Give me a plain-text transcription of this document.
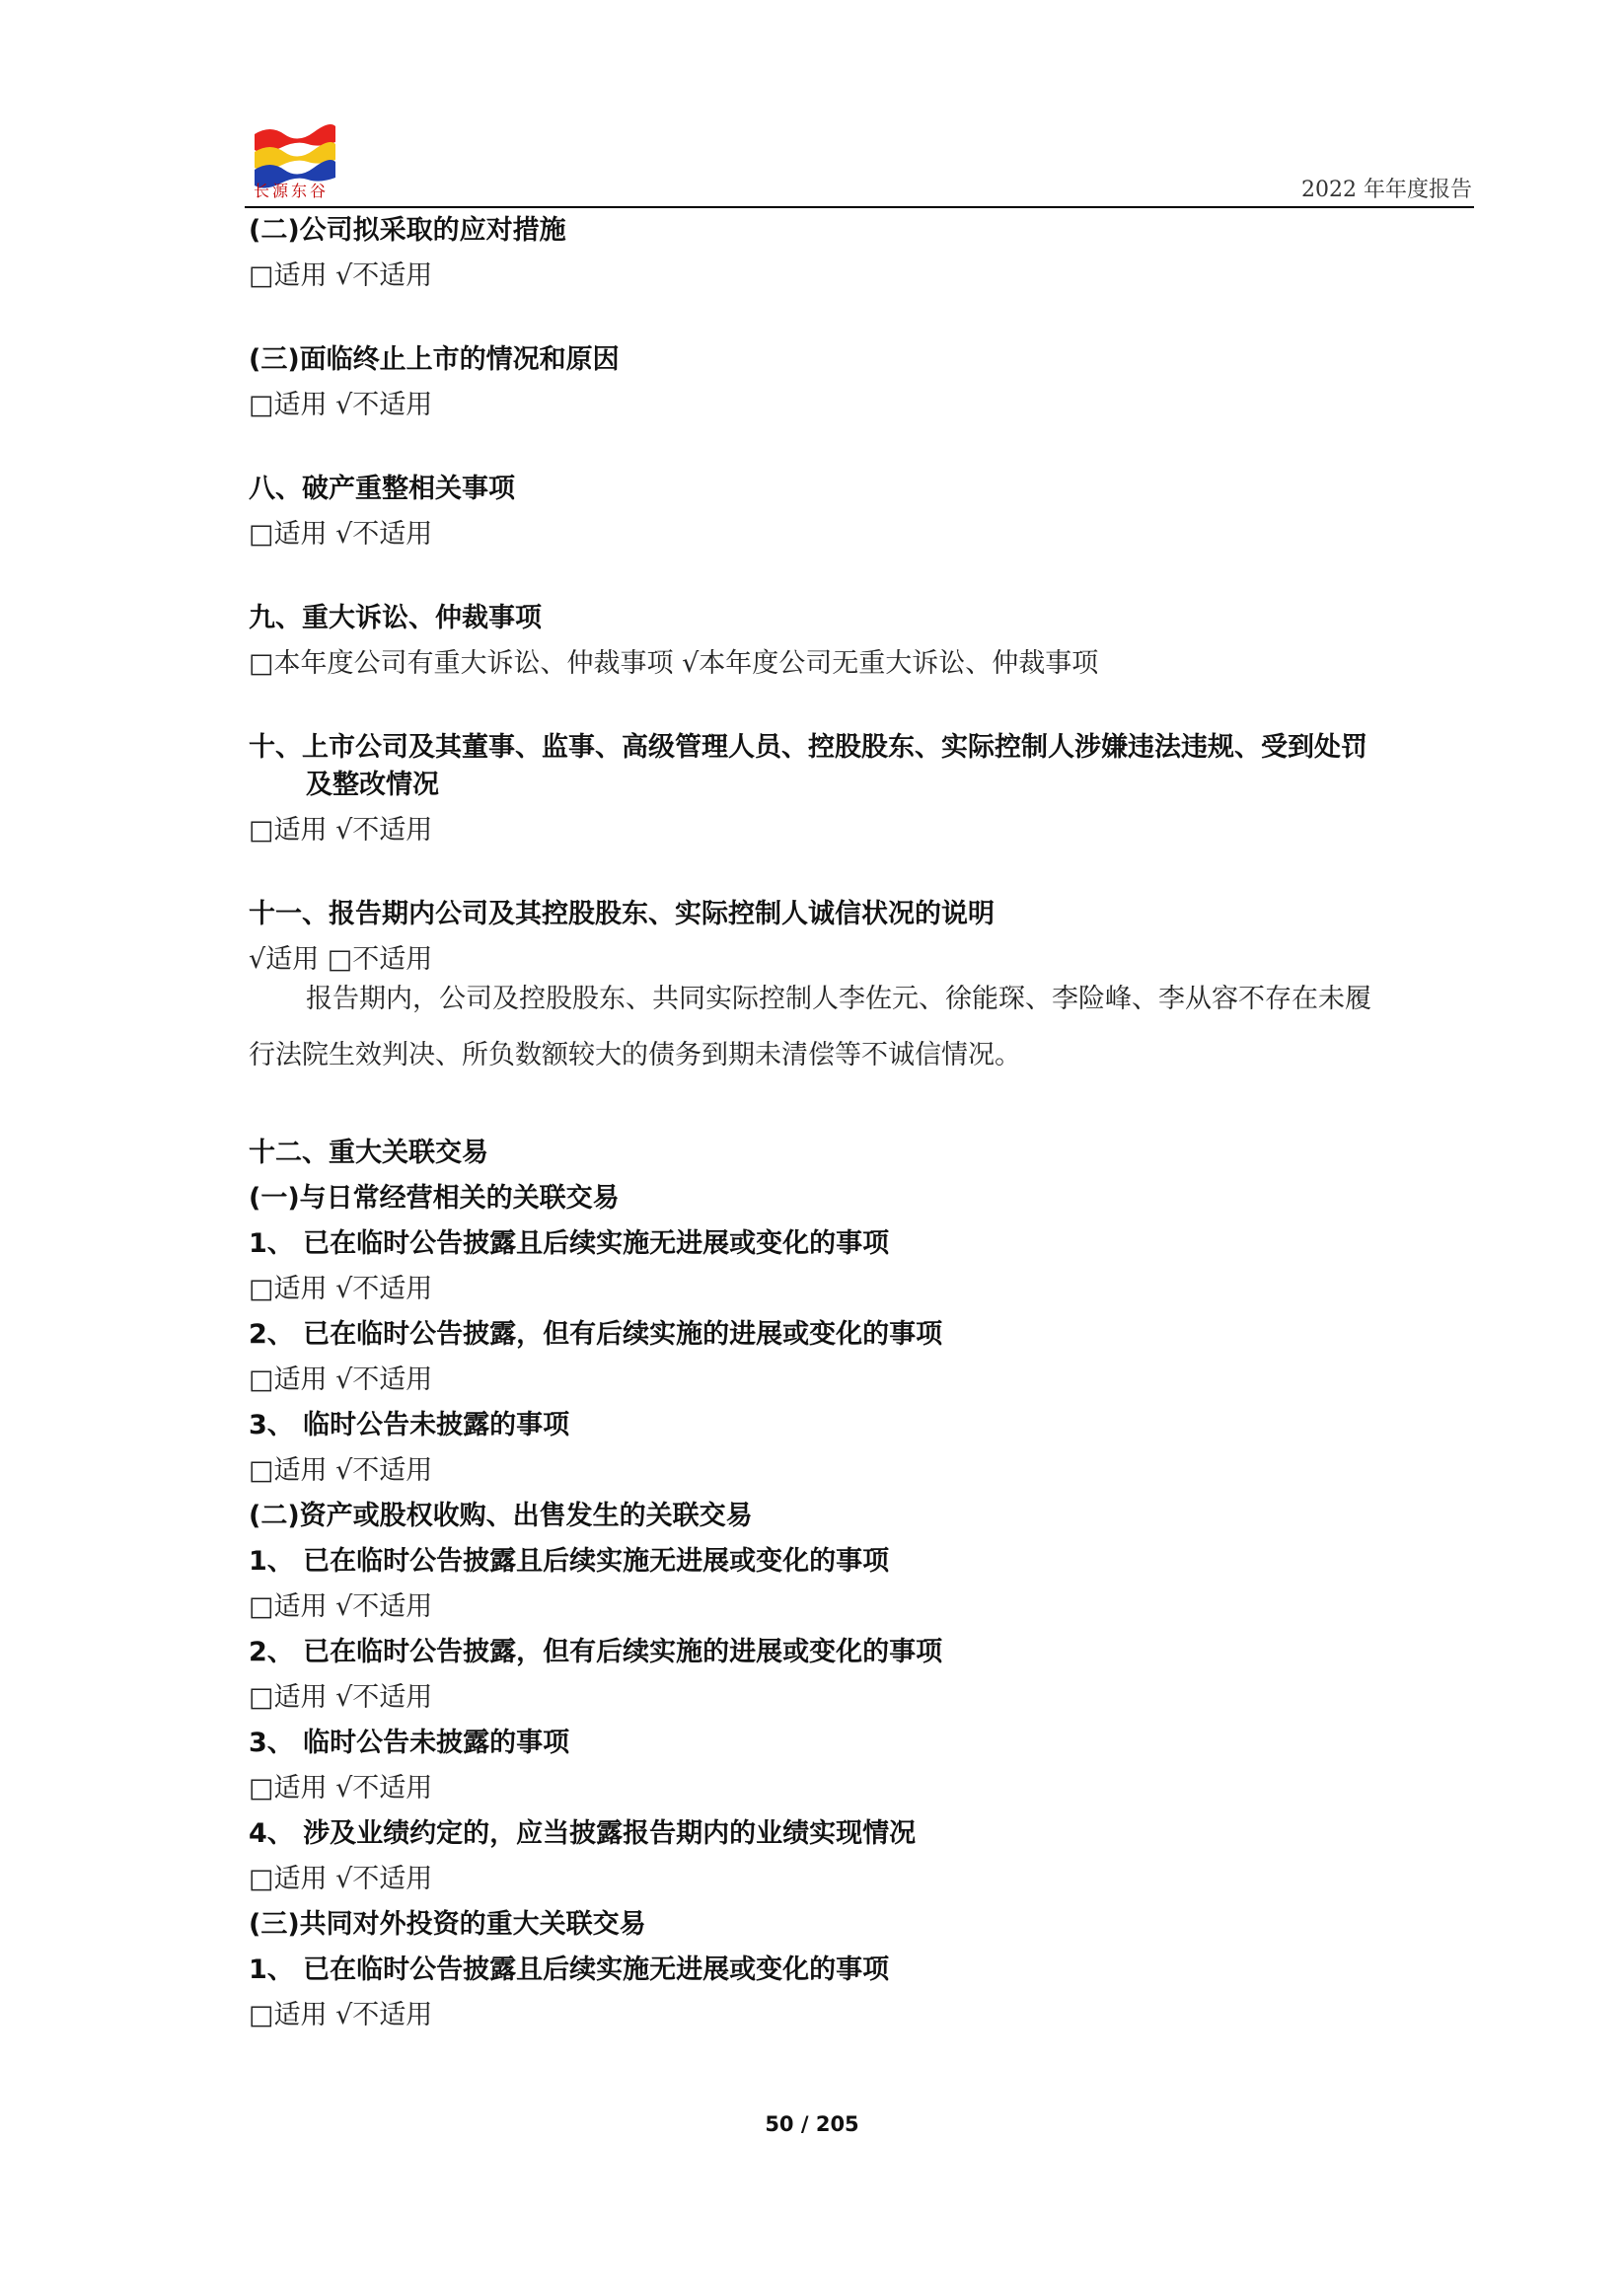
长源东谷	2022 年年度报告
(二)公司拟采取的应对措施
□适用 √不适用
(三)面临终止上市的情况和原因
□适用 √不适用
八、破产重整相关事项
□适用 √不适用
九、重大诉讼、仲裁事项
□本年度公司有重大诉讼、仲裁事项 √本年度公司无重大诉讼、仲裁事项
十、上市公司及其董事、监事、高级管理人员、控股股东、实际控制人涉嫌违法违规、受到处罚
及整改情况
□适用 √不适用
十一、报告期内公司及其控股股东、实际控制人诚信状况的说明
√适用 □不适用
报告期内，公司及控股股东、共同实际控制人李佐元、徐能琛、李险峰、李从容不存在未履
行法院生效判决、所负数额较大的债务到期未清偿等不诚信情况。
十二、重大关联交易
(一)与日常经营相关的关联交易
1、 已在临时公告披露且后续实施无进展或变化的事项
□适用 √不适用
2、 已在临时公告披露，但有后续实施的进展或变化的事项
□适用 √不适用
3、 临时公告未披露的事项
□适用 √不适用
(二)资产或股权收购、出售发生的关联交易
1、 已在临时公告披露且后续实施无进展或变化的事项
□适用 √不适用
2、 已在临时公告披露，但有后续实施的进展或变化的事项
□适用 √不适用
3、 临时公告未披露的事项
□适用 √不适用
4、 涉及业绩约定的，应当披露报告期内的业绩实现情况
□适用 √不适用
(三)共同对外投资的重大关联交易
1、 已在临时公告披露且后续实施无进展或变化的事项
□适用 √不适用
50 / 205
